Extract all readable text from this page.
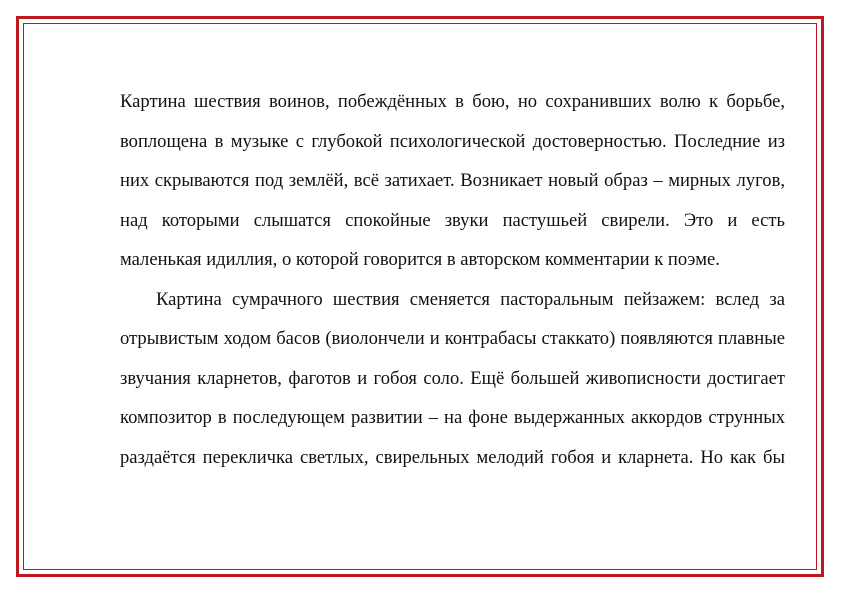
Картина шествия воинов, побеждённых в бою, но сохранивших волю к борьбе, воплощена в музыке с глубокой психологической достоверностью. Последние из них скрываются под землёй, всё затихает. Возникает новый образ – мирных лугов, над которыми слышатся спокойные звуки пастушьей свирели. Это и есть маленькая идиллия, о которой говорится в авторском комментарии к поэме.

Картина сумрачного шествия сменяется пасторальным пейзажем: вслед за отрывистым ходом басов (виолончели и контрабасы стаккато) появляются плавные звучания кларнетов, фаготов и гобоя соло. Ещё большей живописности достигает композитор в последующем развитии – на фоне выдержанных аккордов струнных раздаётся перекличка светлых, свирельных мелодий гобоя и кларнета. Но как бы
